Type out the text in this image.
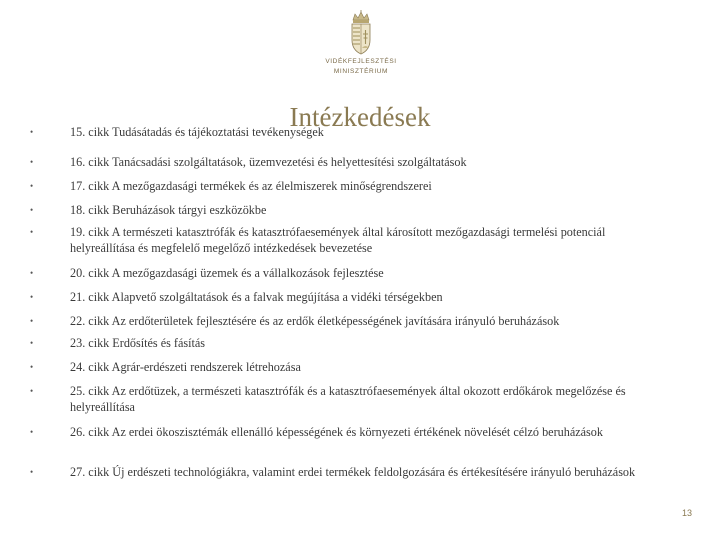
VIDÉKFEJLESZTÉSI
MINISZTÉRIUM
Intézkedések
•	15. cikk Tudásátadás és tájékoztatási tevékenységek
•	16. cikk Tanácsadási szolgáltatások, üzemvezetési és helyettesítési szolgáltatások
•	17. cikk A mezőgazdasági termékek és az élelmiszerek minőségrendszerei
•	18. cikk Beruházások tárgyi eszközökbe
•	19. cikk A természeti katasztrófák és katasztrófaesemények által károsított mezőgazdasági termelési potenciál helyreállítása és megfelelő megelőző intézkedések bevezetése
•	20. cikk A mezőgazdasági üzemek és a vállalkozások fejlesztése
•	21. cikk Alapvető szolgáltatások és a falvak megújítása a vidéki térségekben
•	22. cikk Az erdőterületek fejlesztésére és az erdők életképességének javítására irányuló beruházások
•	23. cikk Erdősítés és fásítás
•	24. cikk Agrár-erdészeti rendszerek létrehozása
•	25. cikk Az erdőtüzek, a természeti katasztrófák és a katasztrófaesemények által okozott erdőkárok megelőzése és helyreállítása
•	26. cikk Az erdei ökoszisztémák ellenálló képességének és környezeti értékének növelését célzó beruházások
•	27. cikk Új erdészeti technológiákra, valamint erdei termékek feldolgozására és értékesítésére irányuló beruházások
13
